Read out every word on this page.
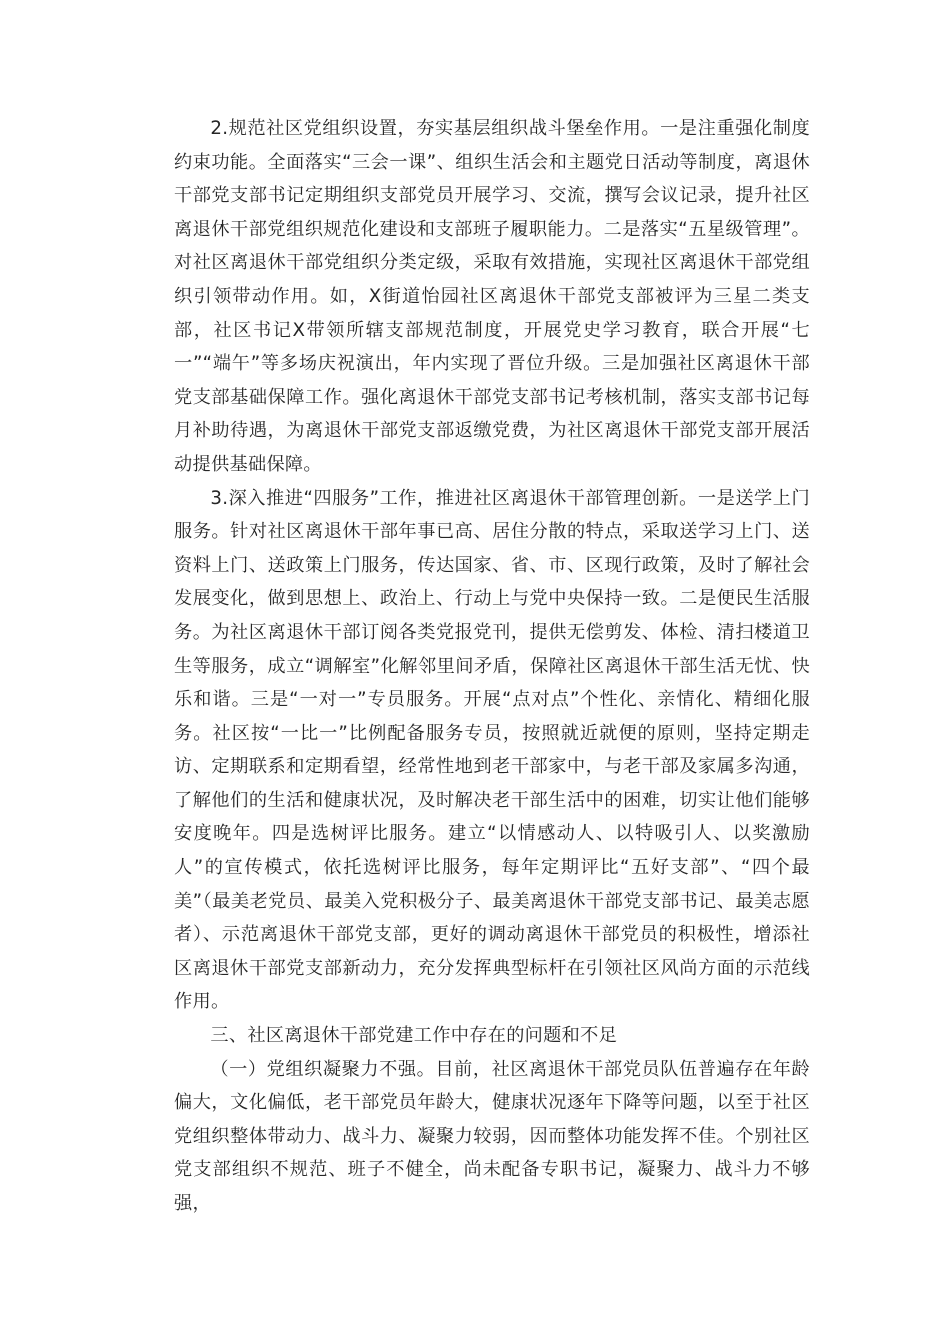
2.规范社区党组织设置，夯实基层组织战斗堡垒作用。一是注重强化制度约束功能。全面落实“三会一课”、组织生活会和主题党日活动等制度，离退休干部党支部书记定期组织支部党员开展学习、交流，撰写会议记录，提升社区离退休干部党组织规范化建设和支部班子履职能力。二是落实“五星级管理”。对社区离退休干部党组织分类定级，采取有效措施，实现社区离退休干部党组织引领带动作用。如，X街道怡园社区离退休干部党支部被评为三星二类支部，社区书记X带领所辖支部规范制度，开展党史学习教育，联合开展“七一”“端午”等多场庆祝演出，年内实现了晋位升级。三是加强社区离退休干部党支部基础保障工作。强化离退休干部党支部书记考核机制，落实支部书记每月补助待遇，为离退休干部党支部返缴党费，为社区离退休干部党支部开展活动提供基础保障。

3.深入推进“四服务”工作，推进社区离退休干部管理创新。一是送学上门服务。针对社区离退休干部年事已高、居住分散的特点，采取送学习上门、送资料上门、送政策上门服务，传达国家、省、市、区现行政策，及时了解社会发展变化，做到思想上、政治上、行动上与党中央保持一致。二是便民生活服务。为社区离退休干部订阅各类党报党刊，提供无偿剪发、体检、清扫楼道卫生等服务，成立“调解室”化解邻里间矛盾，保障社区离退休干部生活无忧、快乐和谐。三是“一对一”专员服务。开展“点对点”个性化、亲情化、精细化服务。社区按“一比一”比例配备服务专员，按照就近就便的原则，坚持定期走访、定期联系和定期看望，经常性地到老干部家中，与老干部及家属多沟通，了解他们的生活和健康状况，及时解决老干部生活中的困难，切实让他们能够安度晚年。四是选树评比服务。建立“以情感动人、以特吸引人、以奖激励人”的宣传模式，依托选树评比服务，每年定期评比“五好支部”、“四个最美”（最美老党员、最美入党积极分子、最美离退休干部党支部书记、最美志愿者）、示范离退休干部党支部，更好的调动离退休干部党员的积极性，增添社区离退休干部党支部新动力，充分发挥典型标杆在引领社区风尚方面的示范线作用。

三、社区离退休干部党建工作中存在的问题和不足

（一）党组织凝聚力不强。目前，社区离退休干部党员队伍普遍存在年龄偏大，文化偏低，老干部党员年龄大，健康状况逐年下降等问题，以至于社区党组织整体带动力、战斗力、凝聚力较弱，因而整体功能发挥不佳。个别社区党支部组织不规范、班子不健全，尚未配备专职书记，凝聚力、战斗力不够强，
